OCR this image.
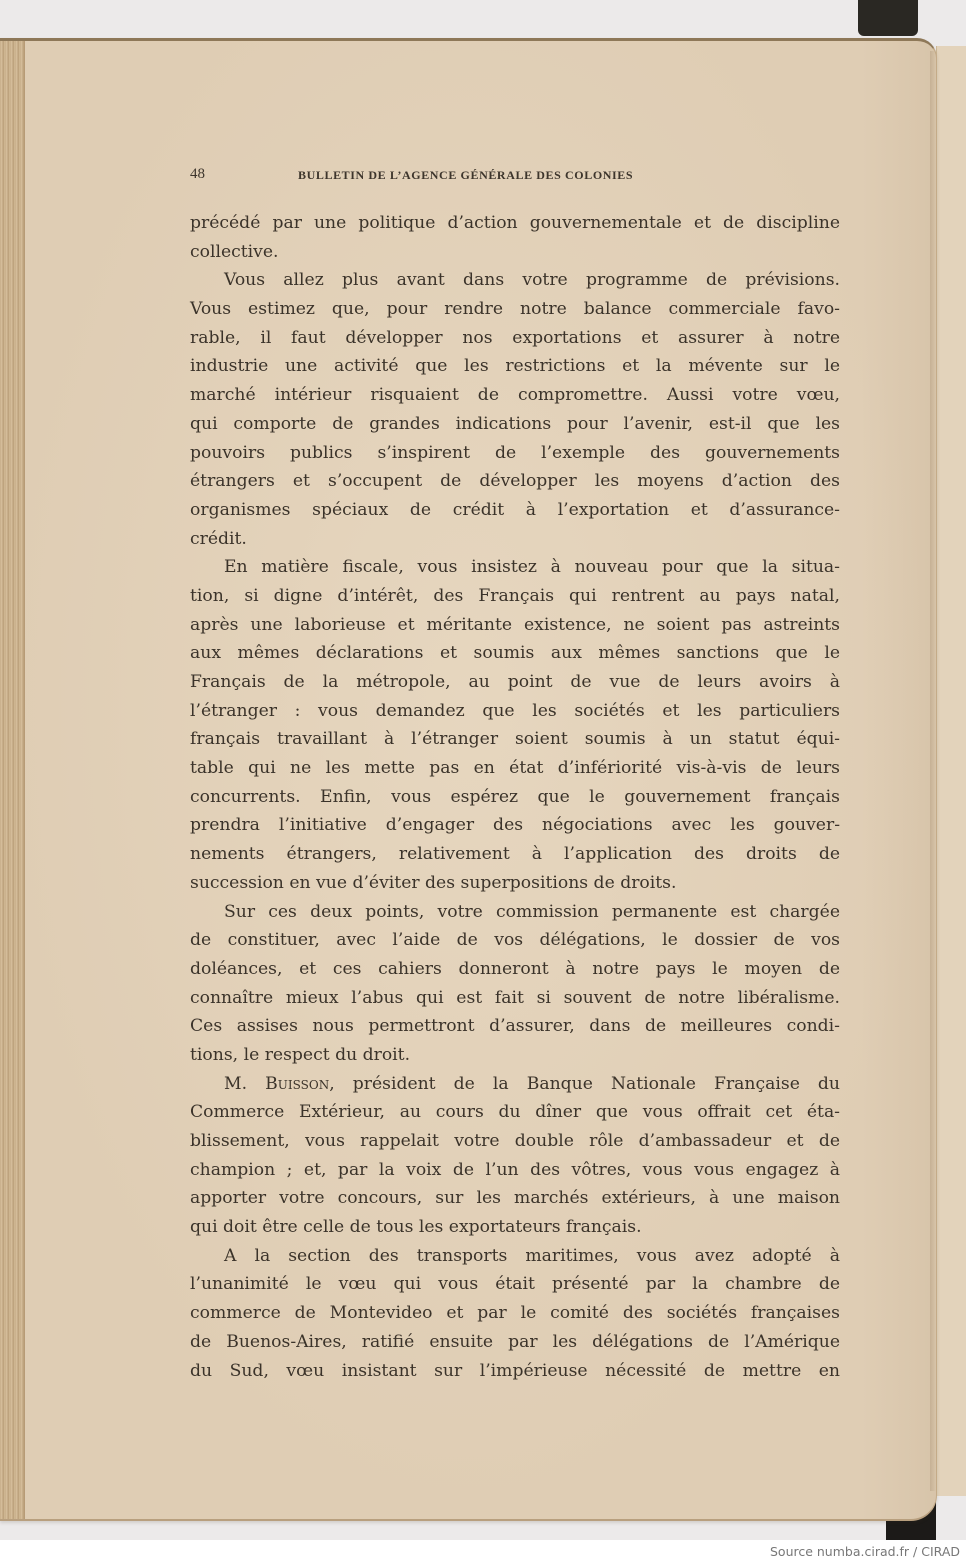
48	BULLETIN DE L’AGENCE GÉNÉRALE DES COLONIES
précédé par une politique d’action gouvernementale et de discipline
collective.
Vous allez plus avant dans votre programme de prévisions.
Vous estimez que, pour rendre notre balance commerciale favo-
rable, il faut développer nos exportations et assurer à notre
industrie une activité que les restrictions et la mévente sur le
marché intérieur risquaient de compromettre. Aussi votre vœu,
qui comporte de grandes indications pour l’avenir, est-il que les
pouvoirs publics s’inspirent de l’exemple des gouvernements
étrangers et s’occupent de développer les moyens d’action des
organismes spéciaux de crédit à l’exportation et d’assurance-
crédit.
En matière fiscale, vous insistez à nouveau pour que la situa-
tion, si digne d’intérêt, des Français qui rentrent au pays natal,
après une laborieuse et méritante existence, ne soient pas astreints
aux mêmes déclarations et soumis aux mêmes sanctions que le
Français de la métropole, au point de vue de leurs avoirs à
l’étranger : vous demandez que les sociétés et les particuliers
français travaillant à l’étranger soient soumis à un statut équi-
table qui ne les mette pas en état d’infériorité vis-à-vis de leurs
concurrents. Enfin, vous espérez que le gouvernement français
prendra l’initiative d’engager des négociations avec les gouver-
nements étrangers, relativement à l’application des droits de
succession en vue d’éviter des superpositions de droits.
Sur ces deux points, votre commission permanente est chargée
de constituer, avec l’aide de vos délégations, le dossier de vos
doléances, et ces cahiers donneront à notre pays le moyen de
connaître mieux l’abus qui est fait si souvent de notre libéralisme.
Ces assises nous permettront d’assurer, dans de meilleures condi-
tions, le respect du droit.
M. Buisson, président de la Banque Nationale Française du
Commerce Extérieur, au cours du dîner que vous offrait cet éta-
blissement, vous rappelait votre double rôle d’ambassadeur et de
champion ; et, par la voix de l’un des vôtres, vous vous engagez à
apporter votre concours, sur les marchés extérieurs, à une maison
qui doit être celle de tous les exportateurs français.
A la section des transports maritimes, vous avez adopté à
l’unanimité le vœu qui vous était présenté par la chambre de
commerce de Montevideo et par le comité des sociétés françaises
de Buenos-Aires, ratifié ensuite par les délégations de l’Amérique
du Sud, vœu insistant sur l’impérieuse nécessité de mettre en
Source numba.cirad.fr / CIRAD
